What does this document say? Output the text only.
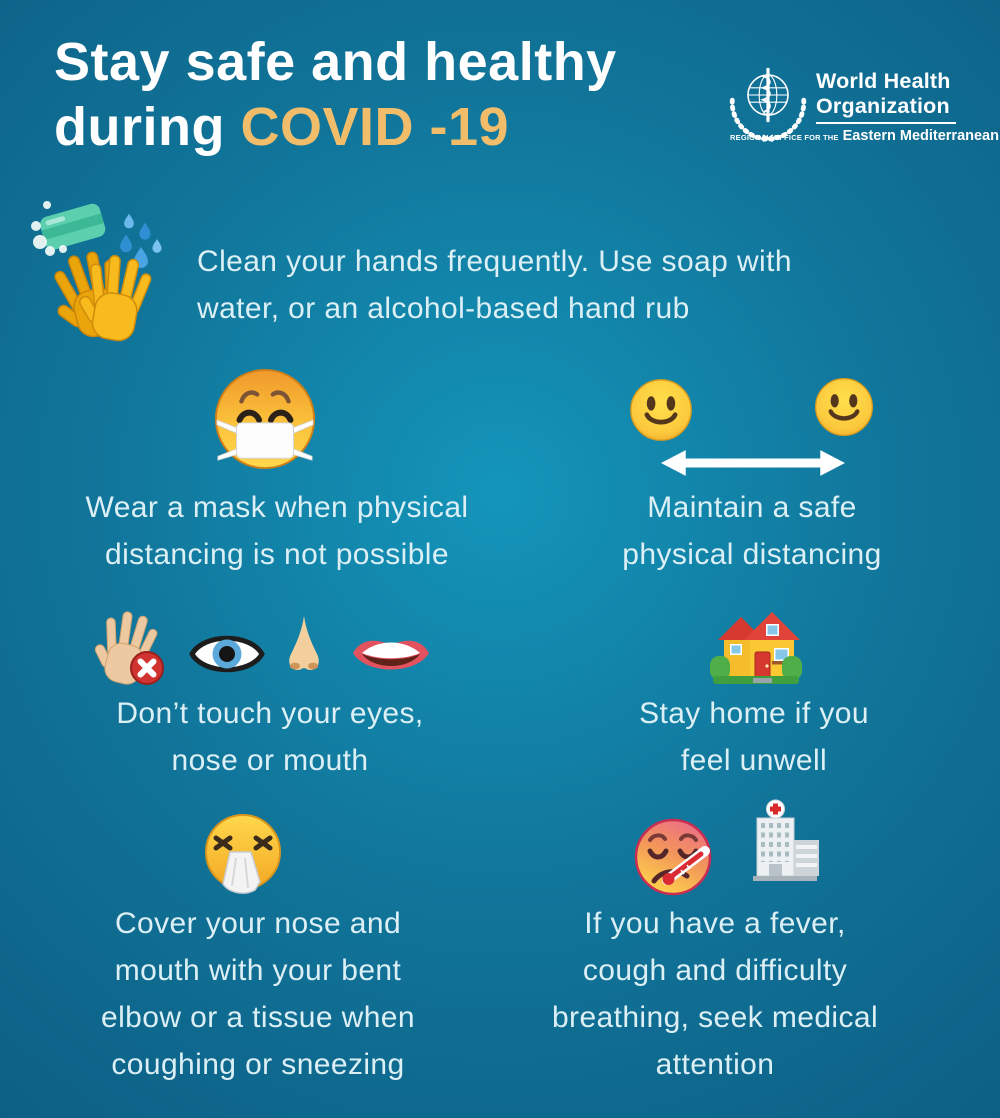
Stay safe and healthy
during COVID -19
World Health
Organization
REGIONAL OFFICE FOR THE Eastern Mediterranean
Clean your hands frequently. Use soap with
water, or an alcohol-based hand rub
Wear a mask when physical
distancing is not possible
Maintain a safe
physical distancing
Don’t touch your eyes,
nose or mouth
Stay home if you
feel unwell
Cover your nose and
mouth with your bent
elbow or a tissue when
coughing or sneezing
If you have a fever,
cough and difficulty
breathing, seek medical
attention
